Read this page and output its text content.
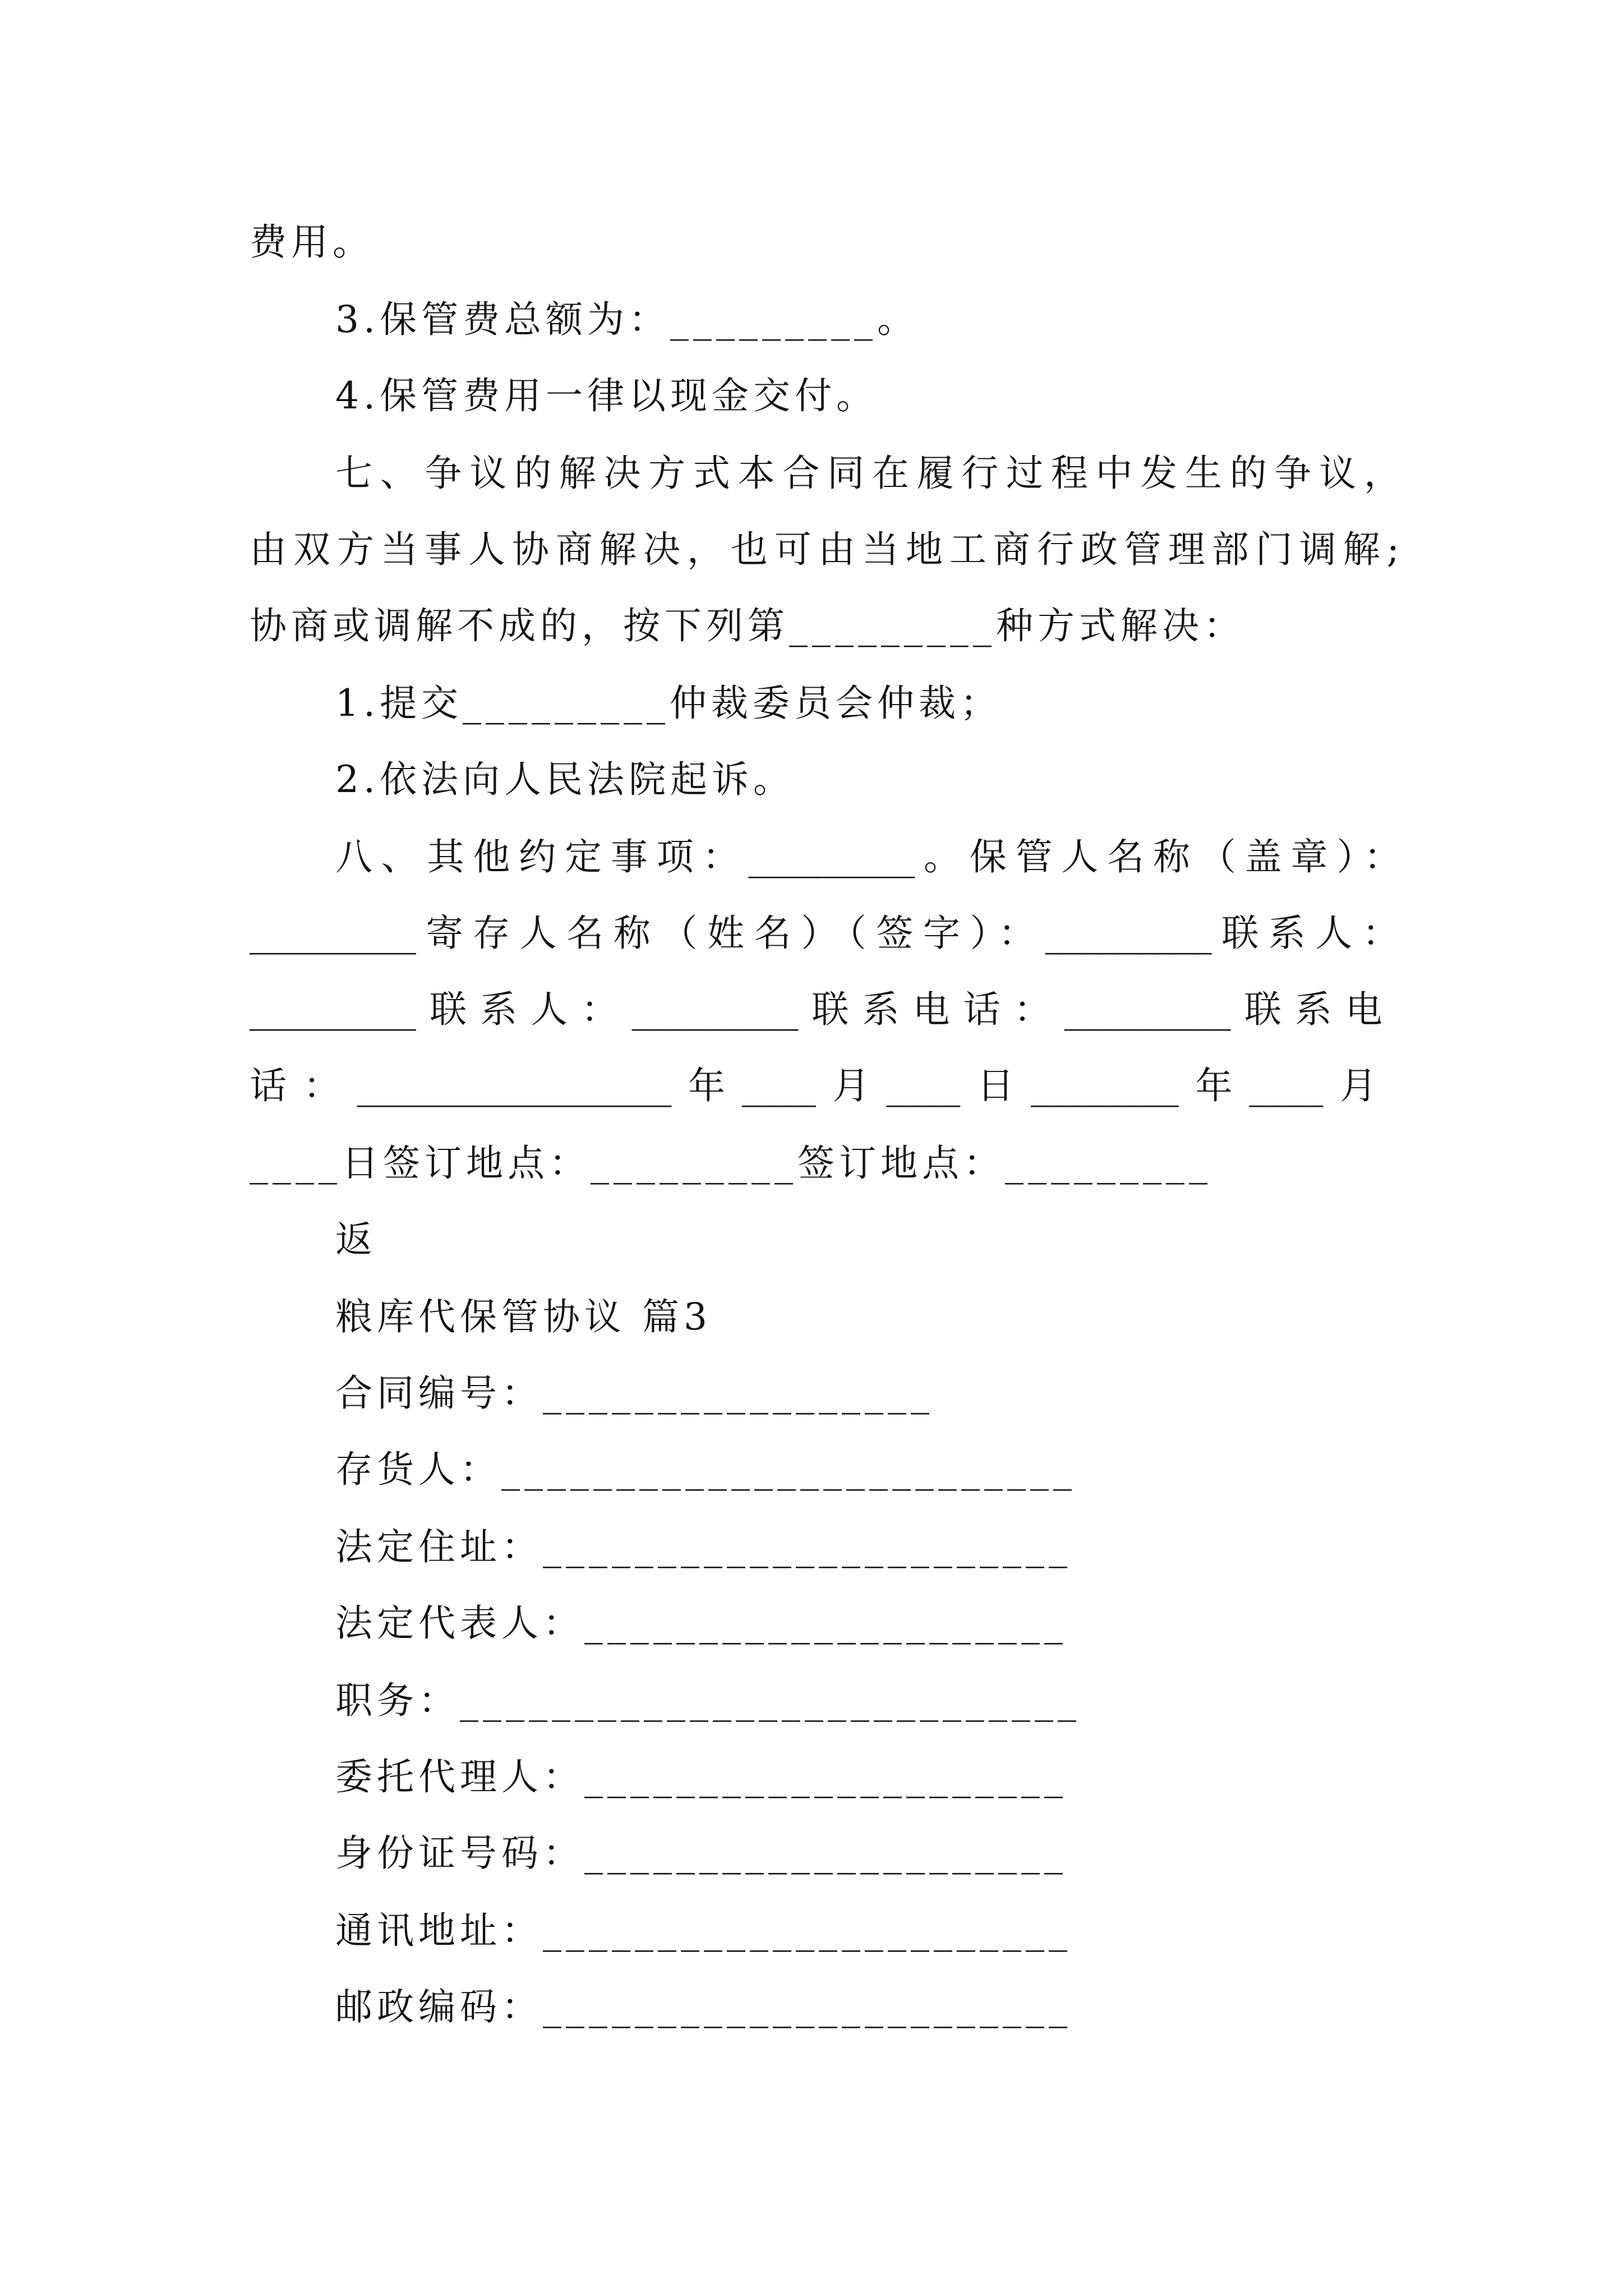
费用。
3.保管费总额为：_________。
4.保管费用一律以现金交付。
七、争议的解决方式本合同在履行过程中发生的争议，
由双方当事人协商解决，也可由当地工商行政管理部门调解;
协商或调解不成的，按下列第_________种方式解决：
1.提交_________仲裁委员会仲裁；
2.依法向人民法院起诉。
八、其他约定事项：_________。保管人名称（盖章）：
_________寄存人名称（姓名）（签字）：_________联系人：
_________联系人：_________联系电话：_________联系电
话：_________________年____月____日________年____月
____日签订地点：_________签订地点：_________
返
粮库代保管协议 篇3
合同编号：_________________
存货人：_________________________
法定住址：_______________________
法定代表人：_____________________
职务：___________________________
委托代理人：_____________________
身份证号码：_____________________
通讯地址：_______________________
邮政编码：_______________________
